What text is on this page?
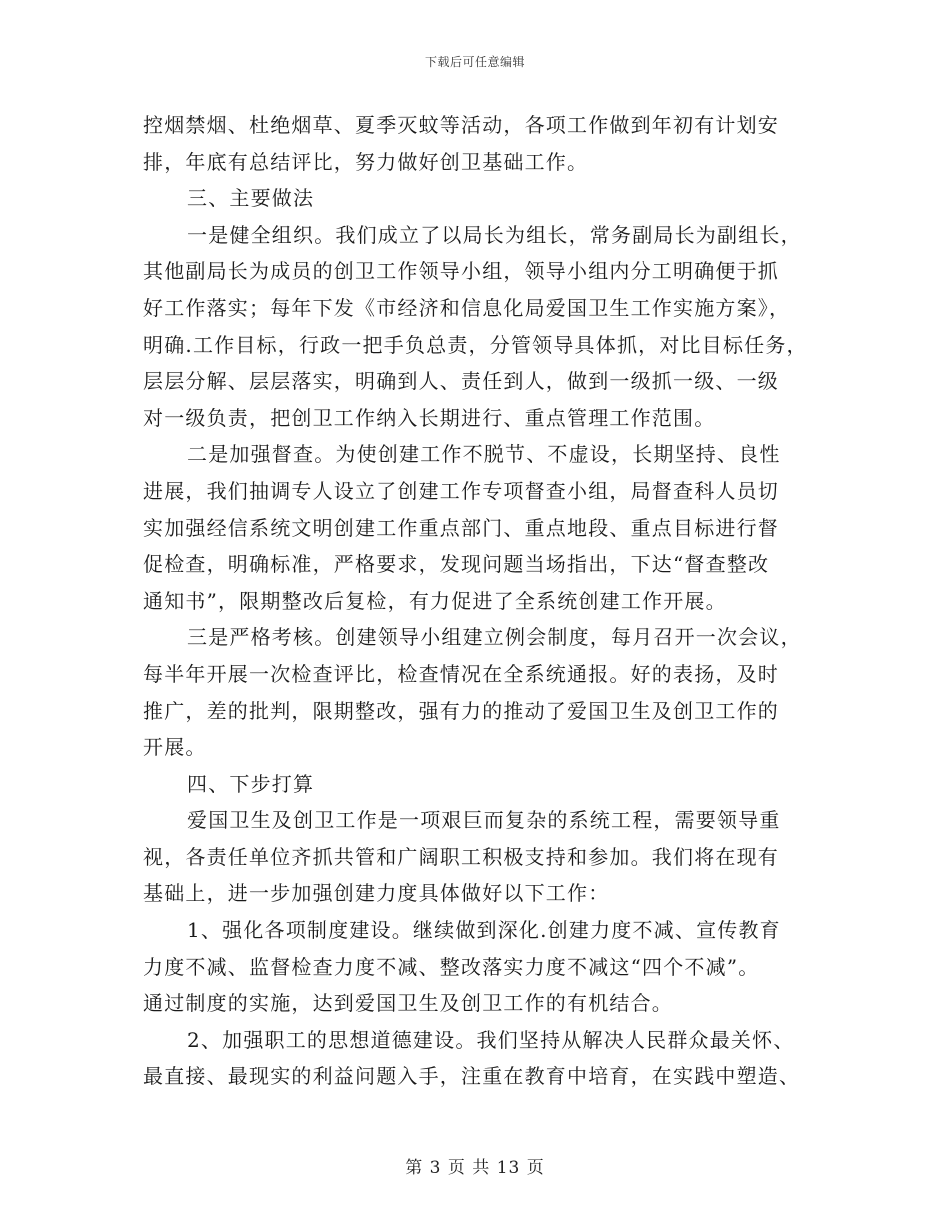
下载后可任意编辑
控烟禁烟、杜绝烟草、夏季灭蚊等活动，各项工作做到年初有计划安
排，年底有总结评比，努力做好创卫基础工作。
三、主要做法
一是健全组织。我们成立了以局长为组长，常务副局长为副组长，
其他副局长为成员的创卫工作领导小组，领导小组内分工明确便于抓
好工作落实；每年下发《市经济和信息化局爱国卫生工作实施方案》，
明确.工作目标，行政一把手负总责，分管领导具体抓，对比目标任务，
层层分解、层层落实，明确到人、责任到人，做到一级抓一级、一级
对一级负责，把创卫工作纳入长期进行、重点管理工作范围。
二是加强督查。为使创建工作不脱节、不虚设，长期坚持、良性
进展，我们抽调专人设立了创建工作专项督查小组，局督查科人员切
实加强经信系统文明创建工作重点部门、重点地段、重点目标进行督
促检查，明确标准，严格要求，发现问题当场指出，下达“督查整改
通知书”，限期整改后复检，有力促进了全系统创建工作开展。
三是严格考核。创建领导小组建立例会制度，每月召开一次会议，
每半年开展一次检查评比，检查情况在全系统通报。好的表扬，及时
推广，差的批判，限期整改，强有力的推动了爱国卫生及创卫工作的
开展。
四、下步打算
爱国卫生及创卫工作是一项艰巨而复杂的系统工程，需要领导重
视，各责任单位齐抓共管和广阔职工积极支持和参加。我们将在现有
基础上，进一步加强创建力度具体做好以下工作：
1、强化各项制度建设。继续做到深化.创建力度不减、宣传教育
力度不减、监督检查力度不减、整改落实力度不减这“四个不减”。
通过制度的实施，达到爱国卫生及创卫工作的有机结合。
2、加强职工的思想道德建设。我们坚持从解决人民群众最关怀、
最直接、最现实的利益问题入手，注重在教育中培育，在实践中塑造、
第 3 页 共 13 页
